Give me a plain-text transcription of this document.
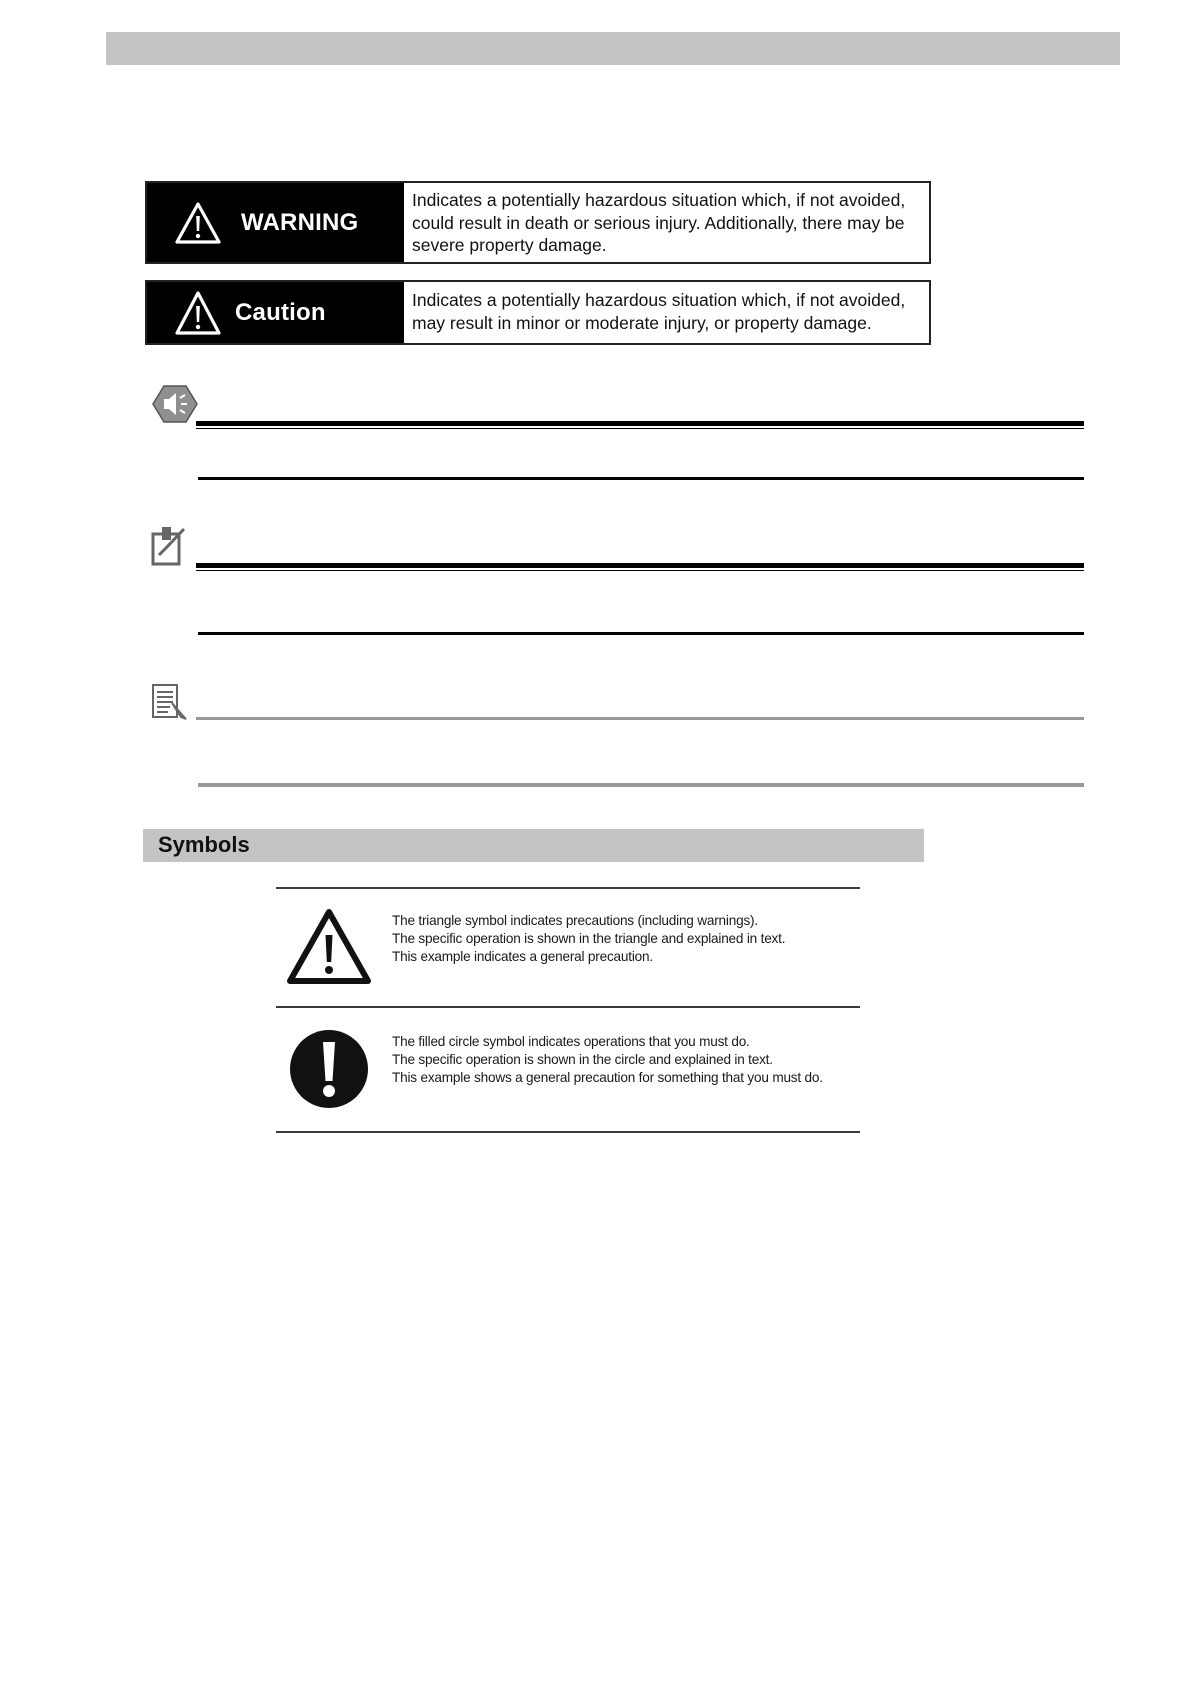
WARNING
Indicates a potentially hazardous situation which, if not avoided, could result in death or serious injury. Additionally, there may be severe property damage.
Caution	Indicates a potentially hazardous situation which, if not avoided, may result in minor or moderate injury, or property damage.
Symbols
The triangle symbol indicates precautions (including warnings).
The specific operation is shown in the triangle and explained in text.
This example indicates a general precaution.
The filled circle symbol indicates operations that you must do.
The specific operation is shown in the circle and explained in text.
This example shows a general precaution for something that you must do.
